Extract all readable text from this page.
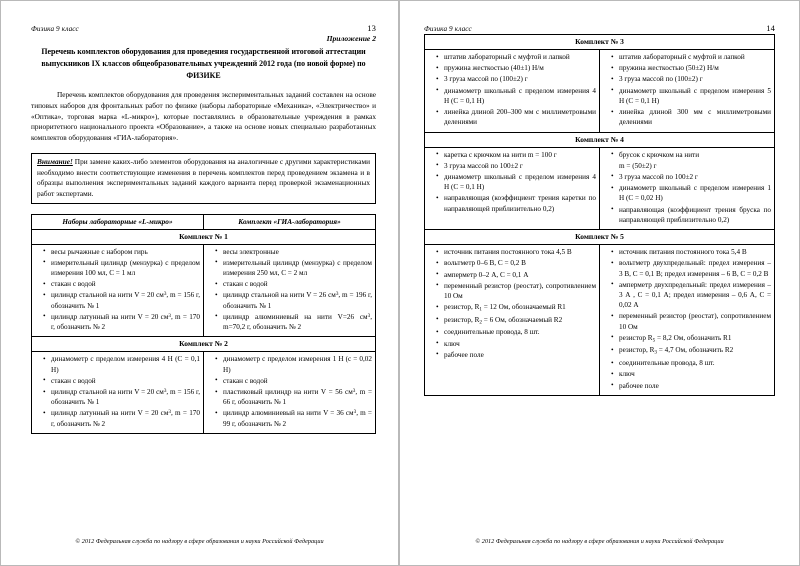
Физика 9 класс	13
Приложение 2
Перечень комплектов оборудования для проведения государственной итоговой аттестации выпускников IX классов общеобразовательных учреждений 2012 года (по новой форме) по ФИЗИКЕ

Перечень комплектов оборудования для проведения экспериментальных заданий составлен на основе типовых наборов для фронтальных работ по физике (наборы лабораторные «Механика», «Электричество» и «Оптика», торговая марка «L-микро»), которые поставлялись в образовательные учреждения в рамках приоритетного национального проекта «Образование», а также на основе новых специально разработанных комплектов оборудования «ГИА-лаборатория».

Внимание! При замене каких-либо элементов оборудования на аналогичные с другими характеристиками необходимо внести соответствующие изменения в перечень комплектов перед проведением экзамена и в образцы выполнения экспериментальных заданий каждого варианта перед проверкой экзаменационных работ экспертами.
Наборы лабораторные «L-микро»	Комплект «ГИА-лаборатория»
Комплект № 1	

• весы рычажные с набором гирь
• измерительный цилиндр (мензурка) с пределом измерения 100 мл, С = 1 мл
• стакан с водой
• цилиндр стальной на нити V = 20 $см^3$, m = 156 г, обозначить № 1
• цилиндр латунный на нити V = 20 $см^3$, m = 170 г, обозначить № 2

• весы электронные
• измерительный цилиндр (мензурка) с пределом измерения 250 мл, С = 2 мл
• стакан с водой
• цилиндр стальной на нити V = 26 $см^3$, m = 196 г, обозначить № 1
• цилиндр алюминиевый на нити V=26 $см^3$, m=70,2 г, обозначить № 2

Комплект № 2	

• динамометр с пределом измерения 4 Н (С = 0,1 Н)
• стакан с водой
• цилиндр стальной на нити V = 20 $см^3$, m = 156 г, обозначить № 1
• цилиндр латунный на нити V = 20 $см^3$, m = 170 г, обозначить № 2

• динамометр с пределом измерения 1 Н (с = 0,02 Н)
• стакан с водой
• пластиковый цилиндр на нити V = 56 $см^3$, m = 66 г, обозначить № 1
• цилиндр алюминиевый на нити V = 36 $см^3$, m = 99 г, обозначить № 2
© 2012 Федеральная служба по надзору в сфере образования и науки Российской Федерации
Физика 9 класс	14
Комплект № 3	

• штатив лабораторный с муфтой и лапкой
• пружина жесткостью (40±1) Н/м
• 3 груза массой по (100±2) г
• динамометр школьный с пределом измерения 4 Н (С = 0,1 Н)
• линейка длиной 200–300 мм с миллиметровыми делениями

• штатив лабораторный с муфтой и лапкой
• пружина жесткостью (50±2) Н/м
• 3 груза массой по (100±2) г
• динамометр школьный с пределом измерения 5 Н (С = 0,1 Н)
• линейка длиной 300 мм с миллиметровыми делениями

Комплект № 4	

• каретка с крючком на нити m = 100 г
• 3 груза массой по 100±2 г
• динамометр школьный с пределом измерения 4 Н (С = 0,1 Н)
• направляющая (коэффициент трения каретки по направляющей приблизительно 0,2)

• брусок с крючком на нити
m = (50±2) г
• 3 груза массой по 100±2 г
• динамометр школьный с пределом измерения 1 Н (С = 0,02 Н)
• направляющая (коэффициент трения бруска по направляющей приблизительно 0,2)

Комплект № 5	

• источник питания постоянного тока 4,5 В
• вольтметр 0–6 В, С = 0,2 В
• амперметр 0–2 А, С = 0,1 А
• переменный резистор (реостат), сопротивлением 10 Ом
• резистор, $R_1 = 12$ Ом, обозначаемый R1
• резистор, $R_2 = 6$ Ом, обозначаемый R2
• соединительные провода, 8 шт.
• ключ
• рабочее поле

• источник питания постоянного тока 5,4 В
• вольтметр двухпредельный: предел измерения – 3 В, С = 0,1 В; предел измерения – 6 В, С = 0,2 В
• амперметр двухпредельный: предел измерения – 3 А , С = 0,1 А; предел измерения – 0,6 А, С = 0,02 А
• переменный резистор (реостат), сопротивлением 10 Ом
• резистор $R_5 = 8,2$ Ом, обозначить R1
• резистор, $R_3 = 4,7$ Ом, обозначить R2
• соединительные провода, 8 шт.
• ключ
• рабочее поле
© 2012 Федеральная служба по надзору в сфере образования и науки Российской Федерации
